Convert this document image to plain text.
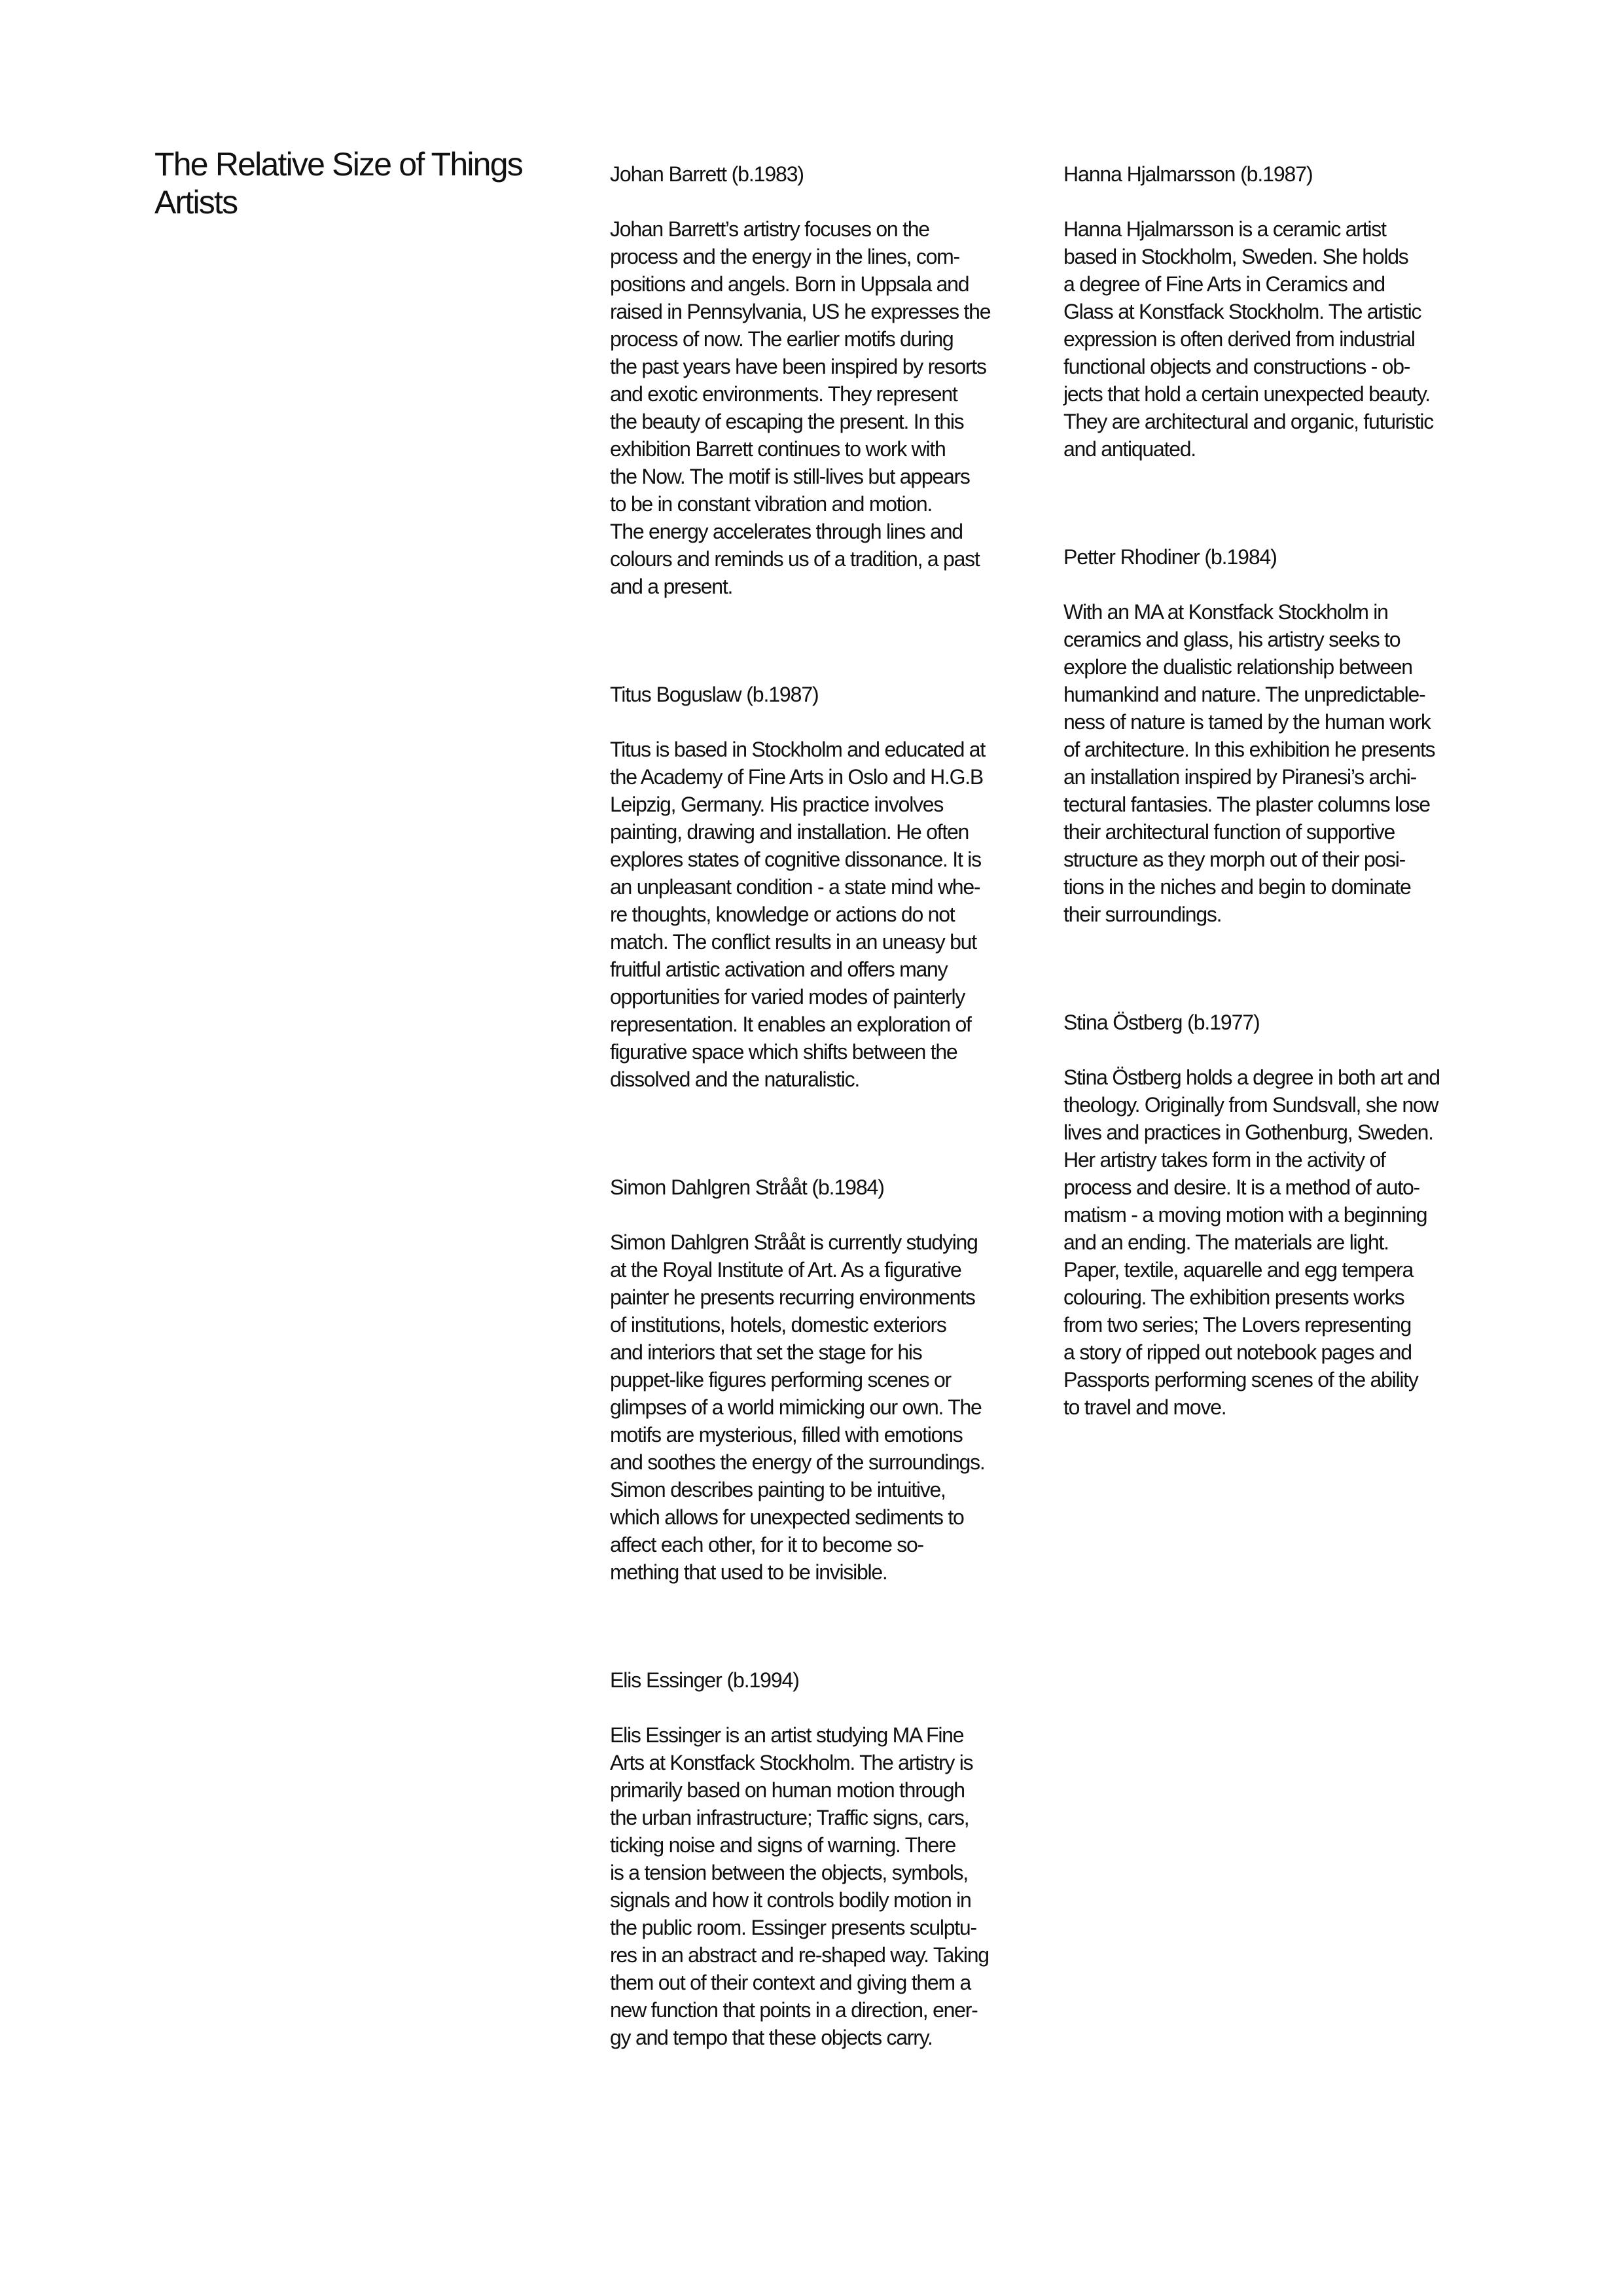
The Relative Size of Things
Artists
Johan Barrett (b.1983)

Johan Barrett’s artistry focuses on the
process and the energy in the lines, com-
positions and angels. Born in Uppsala and
raised in Pennsylvania, US he expresses the
process of now. The earlier motifs during
the past years have been inspired by resorts
and exotic environments. They represent
the beauty of escaping the present. In this
exhibition Barrett continues to work with
the Now. The motif is still-lives but appears
to be in constant vibration and motion.
The energy accelerates through lines and
colours and reminds us of a tradition, a past
and a present.

Titus Boguslaw (b.1987)

Titus is based in Stockholm and educated at
the Academy of Fine Arts in Oslo and H.G.B
Leipzig, Germany. His practice involves
painting, drawing and installation. He often
explores states of cognitive dissonance. It is
an unpleasant condition - a state mind whe-
re thoughts, knowledge or actions do not
match. The conflict results in an uneasy but
fruitful artistic activation and offers many
opportunities for varied modes of painterly
representation. It enables an exploration of
figurative space which shifts between the
dissolved and the naturalistic.

Simon Dahlgren Strååt (b.1984)

Simon Dahlgren Strååt is currently studying
at the Royal Institute of Art. As a figurative
painter he presents recurring environments
of institutions, hotels, domestic exteriors
and interiors that set the stage for his
puppet-like figures performing scenes or
glimpses of a world mimicking our own. The
motifs are mysterious, filled with emotions
and soothes the energy of the surroundings.
Simon describes painting to be intuitive,
which allows for unexpected sediments to
affect each other, for it to become so-
mething that used to be invisible.

Elis Essinger (b.1994)

Elis Essinger is an artist studying MA Fine
Arts at Konstfack Stockholm. The artistry is
primarily based on human motion through
the urban infrastructure; Traffic signs, cars,
ticking noise and signs of warning. There
is a tension between the objects, symbols,
signals and how it controls bodily motion in
the public room. Essinger presents sculptu-
res in an abstract and re-shaped way. Taking
them out of their context and giving them a
new function that points in a direction, ener-
gy and tempo that these objects carry.

Hanna Hjalmarsson (b.1987)

Hanna Hjalmarsson is a ceramic artist
based in Stockholm, Sweden. She holds
a degree of Fine Arts in Ceramics and
Glass at Konstfack Stockholm. The artistic
expression is often derived from industrial
functional objects and constructions - ob-
jects that hold a certain unexpected beauty.
They are architectural and organic, futuristic
and antiquated.

Petter Rhodiner (b.1984)

With an MA at Konstfack Stockholm in
ceramics and glass, his artistry seeks to
explore the dualistic relationship between
humankind and nature. The unpredictable-
ness of nature is tamed by the human work
of architecture. In this exhibition he presents
an installation inspired by Piranesi’s archi-
tectural fantasies. The plaster columns lose
their architectural function of supportive
structure as they morph out of their posi-
tions in the niches and begin to dominate
their surroundings.

Stina Östberg (b.1977)

Stina Östberg holds a degree in both art and
theology. Originally from Sundsvall, she now
lives and practices in Gothenburg, Sweden.
Her artistry takes form in the activity of
process and desire. It is a method of auto-
matism - a moving motion with a beginning
and an ending. The materials are light.
Paper, textile, aquarelle and egg tempera
colouring. The exhibition presents works
from two series; The Lovers representing
a story of ripped out notebook pages and
Passports performing scenes of the ability
to travel and move.
